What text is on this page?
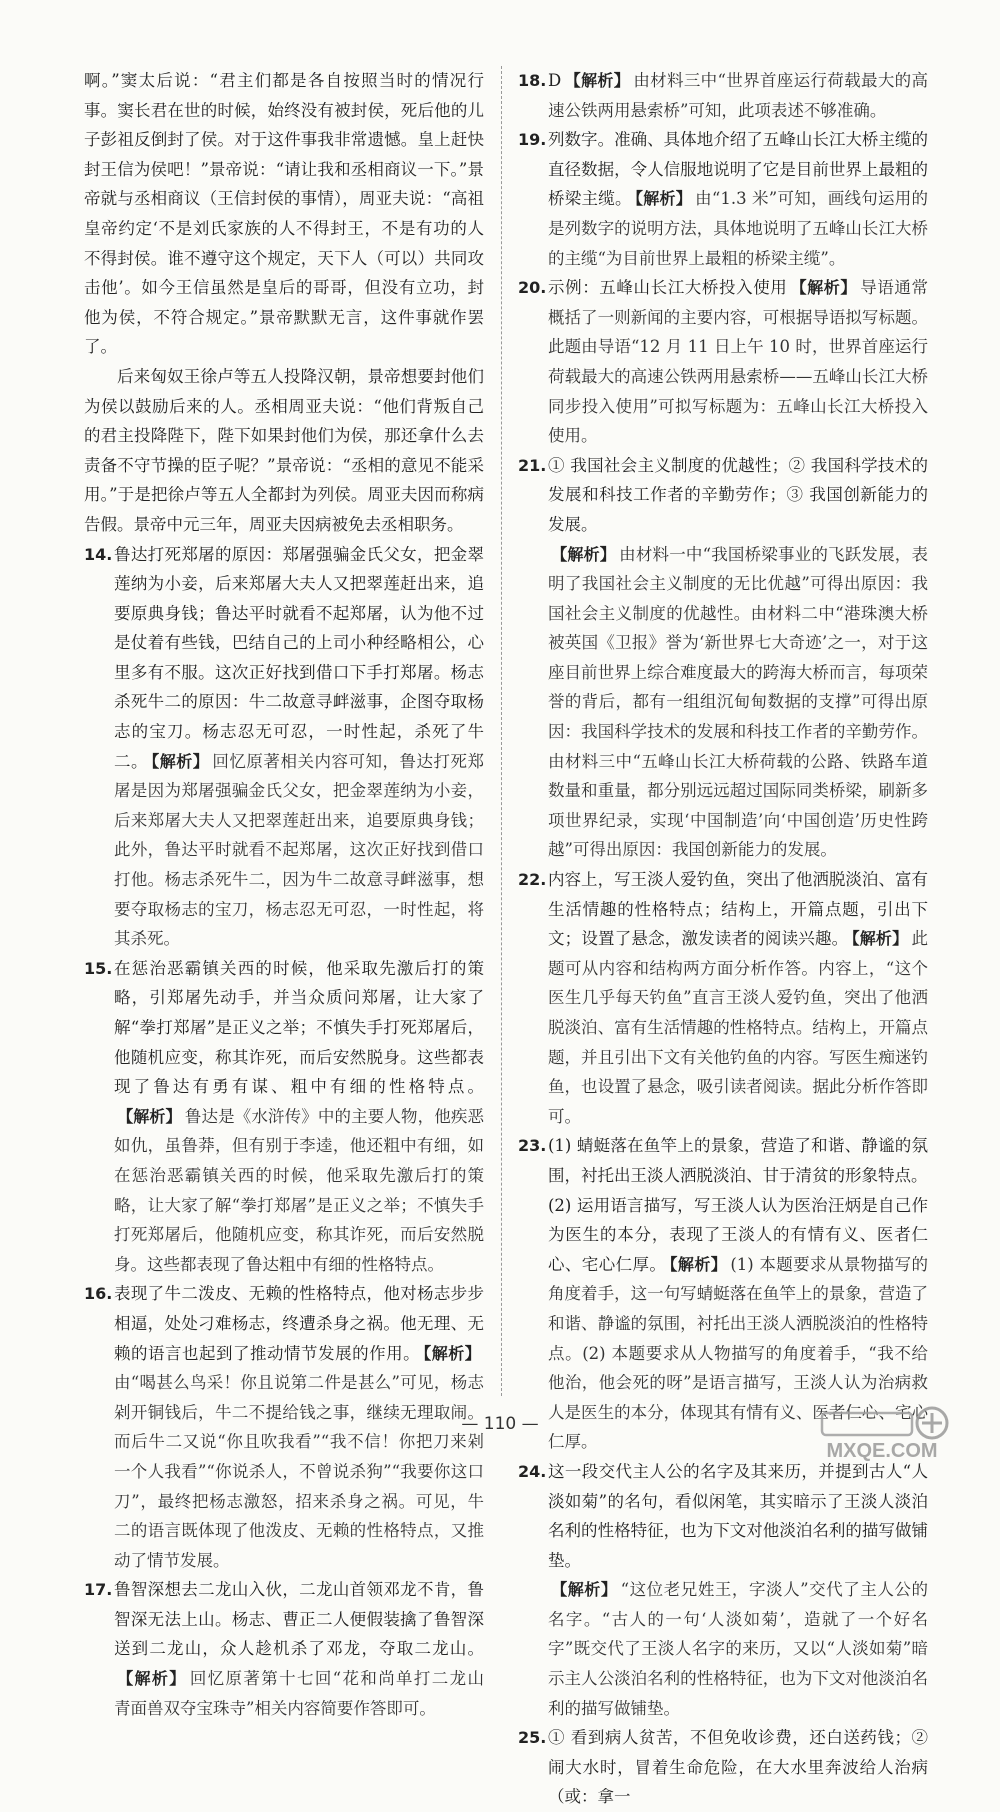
啊。”窦太后说：“君主们都是各自按照当时的情况行事。窦长君在世的时候，始终没有被封侯，死后他的儿子彭祖反倒封了侯。对于这件事我非常遗憾。皇上赶快封王信为侯吧！”景帝说：“请让我和丞相商议一下。”景帝就与丞相商议（王信封侯的事情），周亚夫说：“高祖皇帝约定‘不是刘氏家族的人不得封王，不是有功的人不得封侯。谁不遵守这个规定，天下人（可以）共同攻击他’。如今王信虽然是皇后的哥哥，但没有立功，封他为侯，不符合规定。”景帝默默无言，这件事就作罢了。

后来匈奴王徐卢等五人投降汉朝，景帝想要封他们为侯以鼓励后来的人。丞相周亚夫说：“他们背叛自己的君主投降陛下，陛下如果封他们为侯，那还拿什么去责备不守节操的臣子呢？”景帝说：“丞相的意见不能采用。”于是把徐卢等五人全都封为列侯。周亚夫因而称病告假。景帝中元三年，周亚夫因病被免去丞相职务。

14. 鲁达打死郑屠的原因：郑屠强骗金氏父女，把金翠莲纳为小妾，后来郑屠大夫人又把翠莲赶出来，追要原典身钱；鲁达平时就看不起郑屠，认为他不过是仗着有些钱，巴结自己的上司小种经略相公，心里多有不服。这次正好找到借口下手打郑屠。杨志杀死牛二的原因：牛二故意寻衅滋事，企图夺取杨志的宝刀。杨志忍无可忍，一时性起，杀死了牛二。 【解析】 回忆原著相关内容可知，鲁达打死郑屠是因为郑屠强骗金氏父女，把金翠莲纳为小妾，后来郑屠大夫人又把翠莲赶出来，追要原典身钱；此外，鲁达平时就看不起郑屠，这次正好找到借口打他。杨志杀死牛二，因为牛二故意寻衅滋事，想要夺取杨志的宝刀，杨志忍无可忍，一时性起，将其杀死。
15. 在惩治恶霸镇关西的时候，他采取先激后打的策略，引郑屠先动手，并当众质问郑屠，让大家了解“拳打郑屠”是正义之举；不慎失手打死郑屠后，他随机应变，称其诈死，而后安然脱身。这些都表现了鲁达有勇有谋、粗中有细的性格特点。【解析】 鲁达是《水浒传》中的主要人物，他疾恶如仇，虽鲁莽，但有别于李逵，他还粗中有细，如在惩治恶霸镇关西的时候，他采取先激后打的策略，让大家了解“拳打郑屠”是正义之举；不慎失手打死郑屠后，他随机应变，称其诈死，而后安然脱身。这些都表现了鲁达粗中有细的性格特点。
16. 表现了牛二泼皮、无赖的性格特点，他对杨志步步相逼，处处刁难杨志，终遭杀身之祸。他无理、无赖的语言也起到了推动情节发展的作用。 【解析】由“喝甚么鸟采！你且说第二件是甚么”可见，杨志剁开铜钱后，牛二不提给钱之事，继续无理取闹。而后牛二又说“你且吹我看”“我不信！你把刀来剁一个人我看”“你说杀人，不曾说杀狗”“我要你这口刀”，最终把杨志激怒，招来杀身之祸。可见，牛二的语言既体现了他泼皮、无赖的性格特点，又推动了情节发展。
17. 鲁智深想去二龙山入伙，二龙山首领邓龙不肯，鲁智深无法上山。杨志、曹正二人便假装擒了鲁智深送到二龙山，众人趁机杀了邓龙，夺取二龙山。【解析】 回忆原著第十七回“花和尚单打二龙山　青面兽双夺宝珠寺”相关内容简要作答即可。
18. D 【解析】 由材料三中“世界首座运行荷载最大的高速公铁两用悬索桥”可知，此项表述不够准确。
19. 列数字。准确、具体地介绍了五峰山长江大桥主缆的直径数据，令人信服地说明了它是目前世界上最粗的桥梁主缆。 【解析】 由“1.3 米”可知，画线句运用的是列数字的说明方法，具体地说明了五峰山长江大桥的主缆“为目前世界上最粗的桥梁主缆”。
20. 示例：五峰山长江大桥投入使用 【解析】 导语通常概括了一则新闻的主要内容，可根据导语拟写标题。此题由导语“12 月 11 日上午 10 时，世界首座运行荷载最大的高速公铁两用悬索桥——五峰山长江大桥同步投入使用”可拟写标题为：五峰山长江大桥投入使用。
21. ① 我国社会主义制度的优越性；② 我国科学技术的发展和科技工作者的辛勤劳作；③ 我国创新能力的发展。
【解析】 由材料一中“我国桥梁事业的飞跃发展，表明了我国社会主义制度的无比优越”可得出原因：我国社会主义制度的优越性。由材料二中“港珠澳大桥被英国《卫报》誉为‘新世界七大奇迹’之一，对于这座目前世界上综合难度最大的跨海大桥而言，每项荣誉的背后，都有一组组沉甸甸数据的支撑”可得出原因：我国科学技术的发展和科技工作者的辛勤劳作。由材料三中“五峰山长江大桥荷载的公路、铁路车道数量和重量，都分别远远超过国际同类桥梁，刷新多项世界纪录，实现‘中国制造’向‘中国创造’历史性跨越”可得出原因：我国创新能力的发展。
22. 内容上，写王淡人爱钓鱼，突出了他洒脱淡泊、富有生活情趣的性格特点；结构上，开篇点题，引出下文；设置了悬念，激发读者的阅读兴趣。 【解析】 此题可从内容和结构两方面分析作答。内容上，“这个医生几乎每天钓鱼”直言王淡人爱钓鱼，突出了他洒脱淡泊、富有生活情趣的性格特点。结构上，开篇点题，并且引出下文有关他钓鱼的内容。写医生痴迷钓鱼，也设置了悬念，吸引读者阅读。据此分析作答即可。
23. (1) 蜻蜓落在鱼竿上的景象，营造了和谐、静谧的氛围，衬托出王淡人洒脱淡泊、甘于清贫的形象特点。
(2) 运用语言描写，写王淡人认为医治汪炳是自己作为医生的本分，表现了王淡人的有情有义、医者仁心、宅心仁厚。 【解析】 (1) 本题要求从景物描写的角度着手，这一句写蜻蜓落在鱼竿上的景象，营造了和谐、静谧的氛围，衬托出王淡人洒脱淡泊的性格特点。(2) 本题要求从人物描写的角度着手，“我不给他治，他会死的呀”是语言描写，王淡人认为治病救人是医生的本分，体现其有情有义、医者仁心、宅心仁厚。
24. 这一段交代主人公的名字及其来历，并提到古人“人淡如菊”的名句，看似闲笔，其实暗示了王淡人淡泊名利的性格特征，也为下文对他淡泊名利的描写做铺垫。
【解析】 “这位老兄姓王，字淡人”交代了主人公的名字。“古人的一句‘人淡如菊’，造就了一个好名字”既交代了王淡人名字的来历，又以“人淡如菊”暗示主人公淡泊名利的性格特征，也为下文对他淡泊名利的描写做铺垫。
25. ① 看到病人贫苦，不但免收诊费，还白送药钱；② 闹大水时，冒着生命危险，在大水里奔波给人治病（或：拿一
— 110 —
MXQE.COM
